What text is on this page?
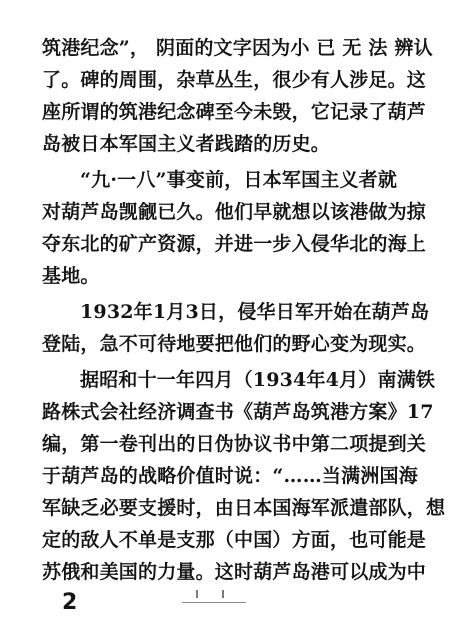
筑港纪念”， 阴面的文字因为小 已 无 法 辨认
了。碑的周围，杂草丛生，很少有人涉足。这
座所谓的筑港纪念碑至今未毁，它记录了葫芦
岛被日本军国主义者践踏的历史。
“九·一八”事变前，日本军国主义者就
对葫芦岛觊觎已久。他们早就想以该港做为掠
夺东北的矿产资源，并进一步入侵华北的海上
基地。
1932年1月3日，侵华日军开始在葫芦岛
登陆，急不可待地要把他们的野心变为现实。
据昭和十一年四月（1934年4月）南满铁
路株式会社经济调查书《葫芦岛筑港方案》17
编，第一卷刊出的日伪协议书中第二项提到关
于葫芦岛的战略价值时说：“……当满洲国海
军缺乏必要支援时，由日本国海军派遣部队，想
定的敌人不单是支那（中国）方面，也可能是
苏俄和美国的力量。这时葫芦岛港可以成为中
2
